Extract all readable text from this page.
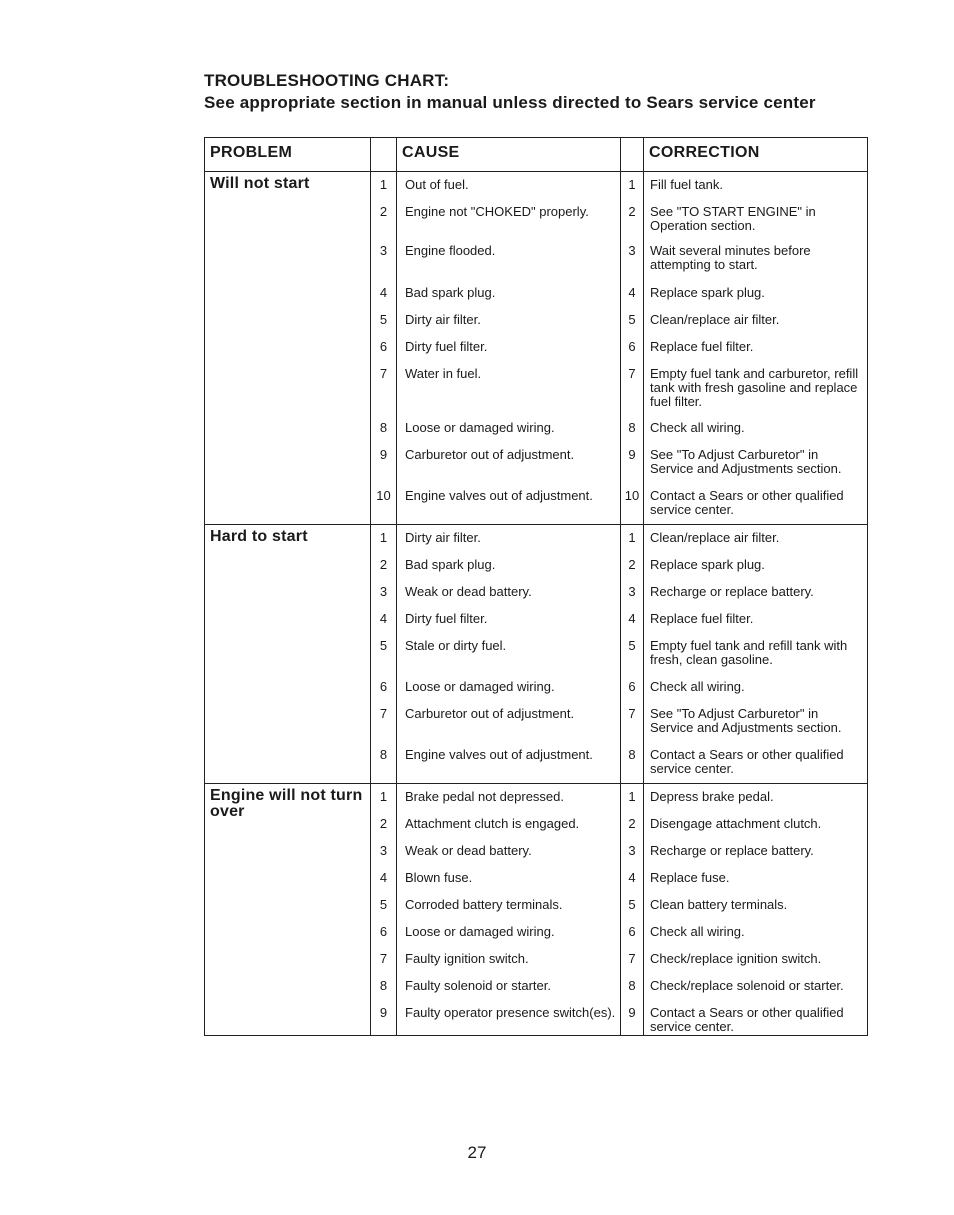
TROUBLESHOOTING CHART:
See appropriate section in manual unless directed to Sears service center
PROBLEM	CAUSE	CORRECTION
Will not start	1	Out of fuel.	1	Fill fuel tank.
2	Engine not "CHOKED" properly.	2	See "TO START ENGINE" in Operation section.
3	Engine flooded.	3	Wait several minutes before attempting to start.
4	Bad spark plug.	4	Replace spark plug.
5	Dirty air filter.	5	Clean/replace air filter.
6	Dirty fuel filter.	6	Replace fuel filter.
7	Water in fuel.	7	Empty fuel tank and carburetor, refill tank with fresh gasoline and replace fuel filter.
8	Loose or damaged wiring.	8	Check all wiring.
9	Carburetor out of adjustment.	9	See "To Adjust Carburetor" in Service and Adjustments section.
10	Engine valves out of adjustment.	10 Contact a Sears or other qualified service center.
Hard to start	1	Dirty air filter.	1	Clean/replace air filter.
2	Bad spark plug.	2	Replace spark plug.
3	Weak or dead battery.	3	Recharge or replace battery.
4	Dirty fuel filter.	4	Replace fuel filter.
5	Stale or dirty fuel.	5	Empty fuel tank and refill tank with fresh, clean gasoline.
6	Loose or damaged wiring.	6	Check all wiring.
7	Carburetor out of adjustment.	7	See "To Adjust Carburetor" in Service and Adjustments section.
8	Engine valves out of adjustment.	8	Contact a Sears or other qualified service center.
Engine will not turn over
1	Brake pedal not depressed.	1	Depress brake pedal.
2	Attachment clutch is engaged.	2	Disengage attachment clutch.
3	Weak or dead battery.	3	Recharge or replace battery.
4	Blown fuse.	4	Replace fuse.
5	Corroded battery terminals.	5	Clean battery terminals.
6	Loose or damaged wiring.	6	Check all wiring.
7	Faulty ignition switch.	7	Check/replace ignition switch.
8	Faulty solenoid or starter.	8	Check/replace solenoid or starter.
9	Faulty operator presence switch(es).	9	Contact a Sears or other qualified service center.
27
